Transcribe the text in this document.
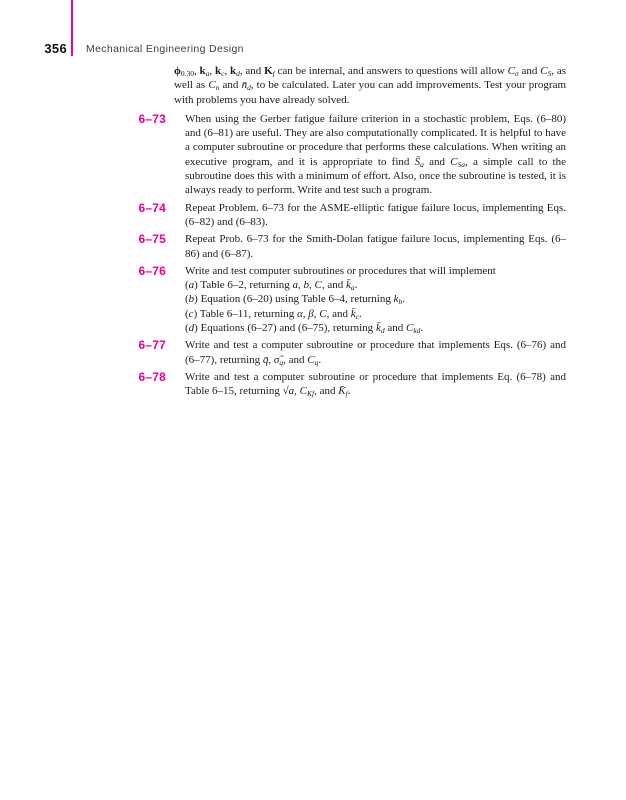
356 Mechanical Engineering Design
$\phi_{0.30}$, $k_a$, $k_c$, $k_d$, and $K_f$ can be internal, and answers to questions will allow $C_\sigma$ and $C_S$, as well as $C_n$ and $n̄_d$, to be calculated. Later you can add improvements. Test your program with problems you have already solved.
6–73 When using the Gerber fatigue failure criterion in a stochastic problem, Eqs. (6–80) and (6–81) are useful. They are also computationally complicated. It is helpful to have a computer subroutine or procedure that performs these calculations. When writing an executive program, and it is appropriate to find $S̄_a$ and $C_{Sa}$, a simple call to the subroutine does this with a minimum of effort. Also, once the subroutine is tested, it is always ready to perform. Write and test such a program.
6–74 Repeat Problem. 6–73 for the ASME-elliptic fatigue failure locus, implementing Eqs. (6–82) and (6–83).
6–75 Repeat Prob. 6–73 for the Smith-Dolan fatigue failure locus, implementing Eqs. (6–86) and (6–87).
6–76 Write and test computer subroutines or procedures that will implement
(a) Table 6–2, returning a, b, C, and $k̄_a$.
(b) Equation (6–20) using Table 6–4, returning $k_b$.
(c) Table 6–11, returning α, β, C, and $k̄_c$.
(d) Equations (6–27) and (6–75), returning $k̄_d$ and $C_{kd}$.
6–77 Write and test a computer subroutine or procedure that implements Eqs. (6–76) and (6–77), returning q̄, $\sigmâ_q$, and $C_q$.
6–78 Write and test a computer subroutine or procedure that implements Eq. (6–78) and Table 6–15, returning √a, $C_{Kf}$, and $K̄_f$.
